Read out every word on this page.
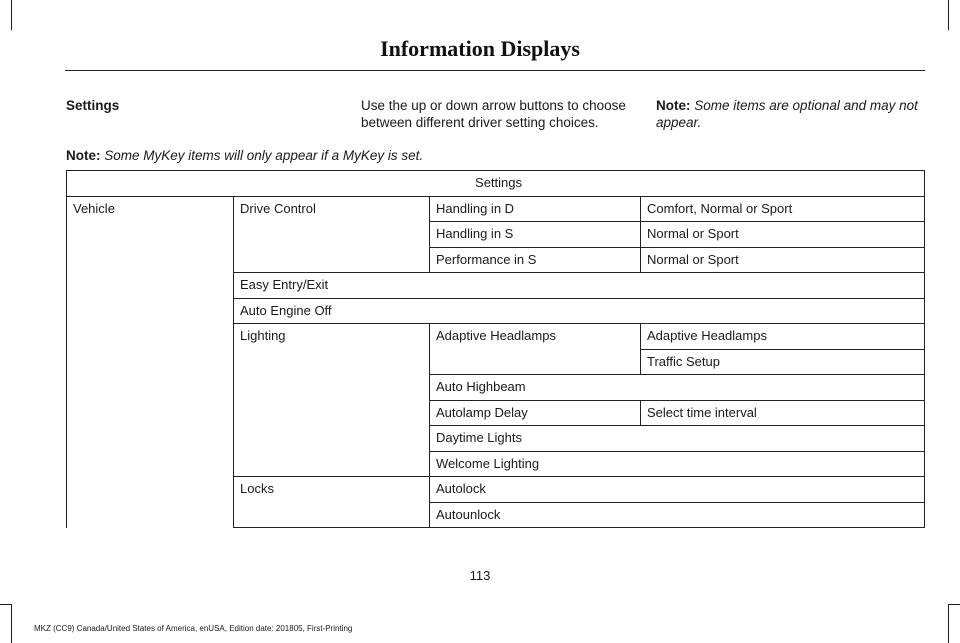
Information Displays
Settings	Use the up or down arrow buttons to choose between different driver setting choices.
Note: Some items are optional and may not appear.
Note: Some MyKey items will only appear if a MyKey is set.
Settings			
Vehicle	Drive Control	Handling in D	Comfort, Normal or Sport
		Handling in S	Normal or Sport
		Performance in S	Normal or Sport
	Easy Entry/Exit		
	Auto Engine Off		
	Lighting	Adaptive Headlamps	Adaptive Headlamps
			Traffic Setup
		Auto Highbeam	
		Autolamp Delay	Select time interval
		Daytime Lights	
		Welcome Lighting	
	Locks	Autolock	
		Autounlock	
113
MKZ (CC9) Canada/United States of America, enUSA, Edition date: 201805, First-Printing
